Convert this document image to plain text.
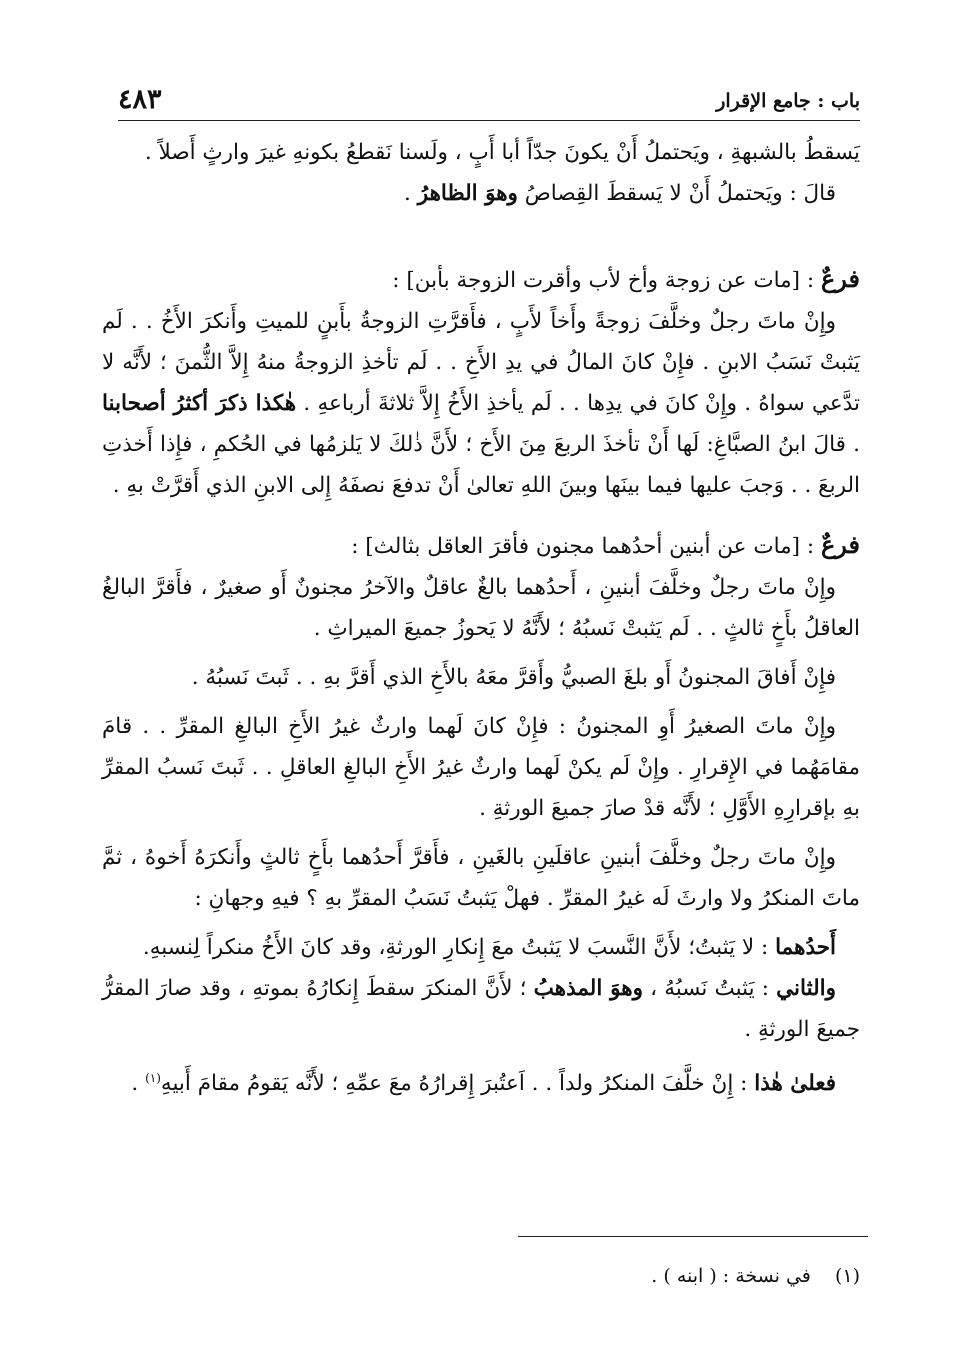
باب : جامع الإقرار
٤٨٣

يَسقطُ بالشبهةِ ، ويَحتملُ أَنْ يكونَ جدّاً أبا أَبٍ ، ولَسنا نَقطعُ بكونهِ غيرَ وارثٍ أَصلاً .

قالَ : ويَحتملُ أَنْ لا يَسقطَ القِصاصُ وهوَ الظاهرُ .

فرعٌ : [مات عن زوجة وأخ لأب وأقرت الزوجة بأبن] :

وإِنْ ماتَ رجلٌ وخلَّفَ زوجةً وأَخاً لأَبٍ ، فأَقرَّتِ الزوجةُ بأَبنٍ للميتِ وأَنكرَ الأَخُ . . لَم يَثبتْ نَسَبُ الابنِ . فإِنْ كانَ المالُ في يدِ الأَخِ . . لَم تأخذِ الزوجةُ منهُ إِلاَّ الثُّمنَ ؛ لأَنَّه لا تدَّعي سواهُ . وإِنْ كانَ في يدِها . . لَم يأخذِ الأَخُ إِلاَّ ثلاثةَ أرباعهِ . هٰكذا ذكرَ أكثرُ أصحابنا . قالَ ابنُ الصبَّاغِ: لَها أَنْ تأخذَ الربعَ مِنَ الأَخ ؛ لأَنَّ ذٰلكَ لا يَلزمُها في الحُكمِ ، فإِذا أَخذتِ الربعَ . . وَجبَ عليها فيما بينَها وبينَ اللهِ تعالىٰ أَنْ تدفعَ نصفَهُ إِلى الابنِ الذي أَقرَّتْ بهِ .

فرعٌ : [مات عن أبنين أحدُهما مجنون فأقرَ العاقل بثالث] :

وإِنْ ماتَ رجلٌ وخلَّفَ أبنينِ ، أَحدُهما بالغٌ عاقلٌ والآخرُ مجنونٌ أَو صغيرٌ ، فأَقرَّ البالغُ العاقلُ بأَخٍ ثالثٍ . . لَم يَثبتْ نَسبُهُ ؛ لأَنَّهُ لا يَحوزُ جميعَ الميراثِ .

فإِنْ أَفاقَ المجنونُ أَو بلغَ الصبيُّ وأَقرَّ معَهُ بالأَخِ الذي أَقرَّ بهِ . . ثَبتَ نَسبُهُ .

وإِنْ ماتَ الصغيرُ أَوِ المجنونُ : فإِنْ كانَ لَهما وارثٌ غيرُ الأَخِ البالغِ المقرِّ . . قامَ مقامَهُما في الإِقرارِ . وإِنْ لَم يكنْ لَهما وارثٌ غيرُ الأَخِ البالغِ العاقلِ . . ثَبتَ نَسبُ المقرِّ بهِ بإقرارِهِ الأَوَّلِ ؛ لأَنَّه قدْ صارَ جميعَ الورثةِ .

وإِنْ ماتَ رجلٌ وخلَّفَ أبنينِ عاقلَينِ بالغَينِ ، فأَقرَّ أَحدُهما بأَخٍ ثالثٍ وأَنكرَهُ أَخوهُ ، ثمَّ ماتَ المنكرُ ولا وارثَ لَه غيرُ المقرِّ . فهلْ يَثبتُ نَسَبُ المقرِّ بهِ ؟ فيهِ وجهانِ :

أَحدُهما : لا يَثبتُ؛ لأَنَّ النَّسبَ لا يَثبتُ معَ إِنكارِ الورثةِ، وقد كانَ الأَخُ منكراً لِنسبهِ.

والثاني : يَثبتُ نَسبُهُ ، وهوَ المذهبُ ؛ لأَنَّ المنكرَ سقطَ إِنكارُهُ بموتهِ ، وقد صارَ المقرُّ جميعَ الورثةِ .

فعلىٰ هٰذا : إِنْ خلَّفَ المنكرُ ولداً . . اَعتُبرَ إِقرارُهُ معَ عمِّهِ ؛ لأَنَّه يَقومُ مقامَ أَبيهِ$^{(١)}$ .

(١) في نسخة : ( ابنه ) .
